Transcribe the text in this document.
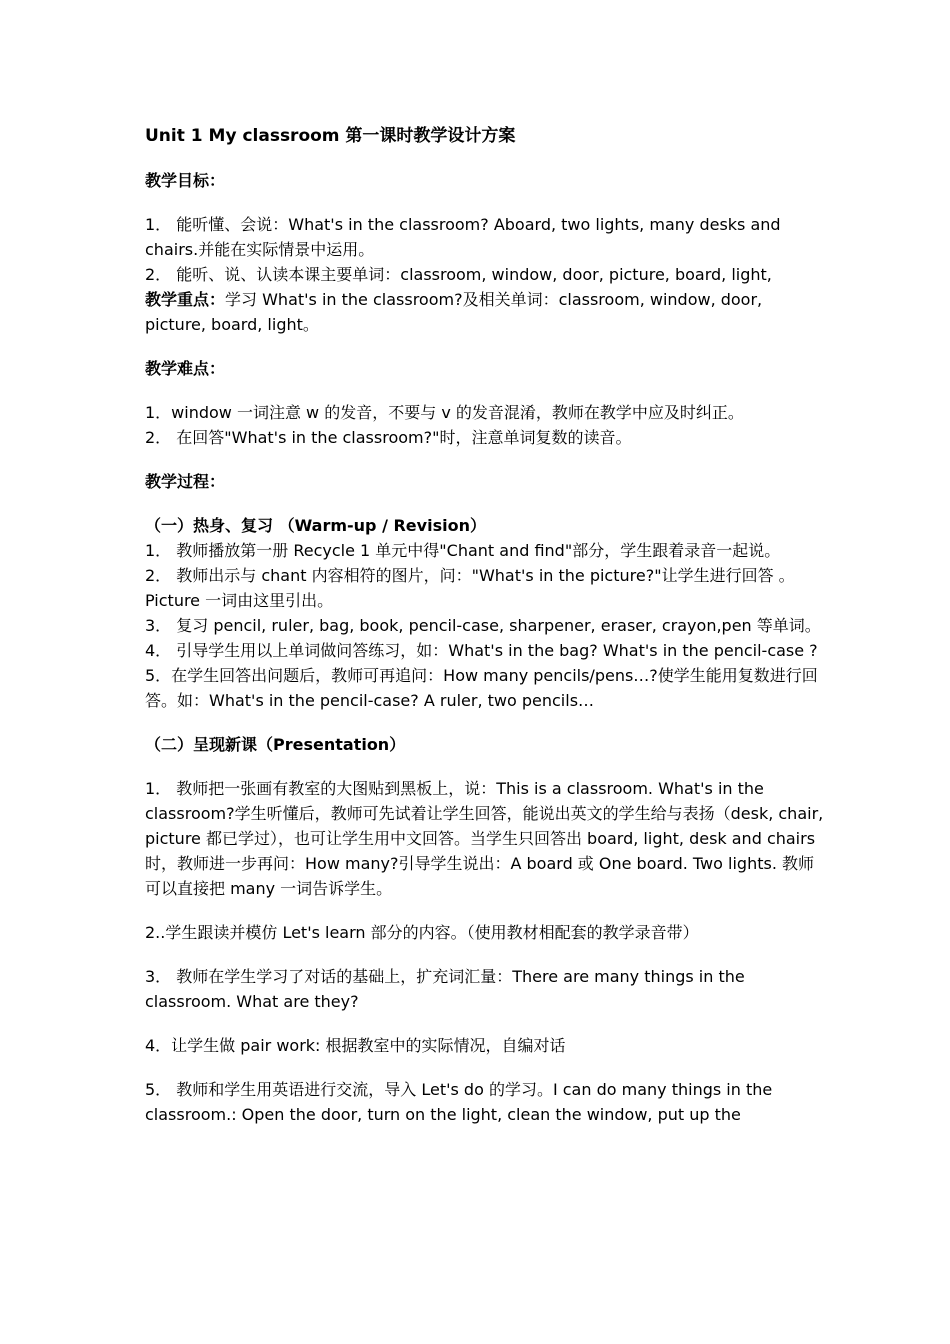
Unit 1 My classroom 第一课时教学设计方案
教学目标：

1． 能听懂、会说：What's in the classroom? Aboard, two lights, many desks and chairs.并能在实际情景中运用。

2． 能听、说、认读本课主要单词：classroom, window, door, picture, board, light,

教学重点：学习 What's in the classroom?及相关单词：classroom, window, door, picture, board, light。

教学难点：

1．window 一词注意 w 的发音，不要与 v 的发音混淆，教师在教学中应及时纠正。

2． 在回答"What's in the classroom?"时，注意单词复数的读音。

教学过程：
（一）热身、复习 （Warm-up / Revision）

1． 教师播放第一册 Recycle 1 单元中得"Chant and find"部分，学生跟着录音一起说。

2． 教师出示与 chant 内容相符的图片，问："What's in the picture?"让学生进行回答 。Picture 一词由这里引出。

3． 复习 pencil, ruler, bag, book, pencil-case, sharpener, eraser, crayon,pen 等单词。

4． 引导学生用以上单词做问答练习，如：What's in the bag? What's in the pencil-case ?

5．在学生回答出问题后，教师可再追问：How many pencils/pens…?使学生能用复数进行回答。如：What's in the pencil-case? A ruler, two pencils…

（二）呈现新课（Presentation）

1． 教师把一张画有教室的大图贴到黑板上，说：This is a classroom. What's in the classroom?学生听懂后，教师可先试着让学生回答，能说出英文的学生给与表扬（desk, chair, picture 都已学过），也可让学生用中文回答。当学生只回答出 board, light, desk and chairs 时，教师进一步再问：How many?引导学生说出：A board 或 One board. Two lights. 教师可以直接把 many 一词告诉学生。

2..学生跟读并模仿 Let's learn 部分的内容。（使用教材相配套的教学录音带）

3． 教师在学生学习了对话的基础上，扩充词汇量：There are many things in the classroom. What are they?

4．让学生做 pair work: 根据教室中的实际情况，自编对话

5． 教师和学生用英语进行交流，导入 Let's do 的学习。I can do many things in the classroom.: Open the door, turn on the light, clean the window, put up the
